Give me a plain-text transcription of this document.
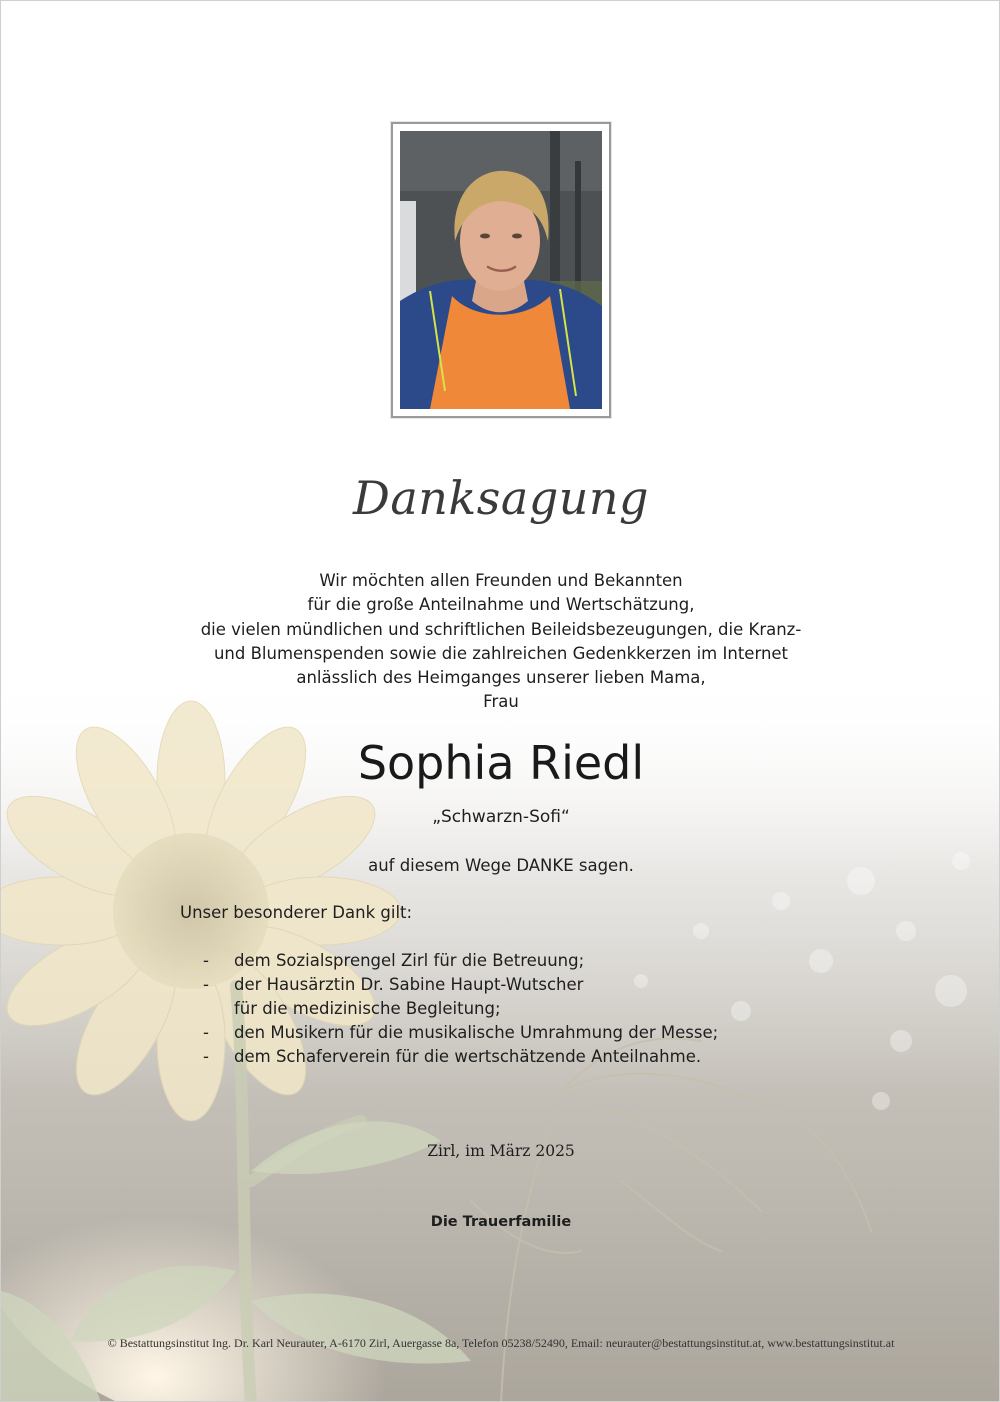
Danksagung
Wir möchten allen Freunden und Bekannten
für die große Anteilnahme und Wertschätzung,
die vielen mündlichen und schriftlichen Beileidsbezeugungen, die Kranz-
und Blumenspenden sowie die zahlreichen Gedenkkerzen im Internet
anlässlich des Heimganges unserer lieben Mama,
Frau
Sophia Riedl
„Schwarzn-Sofi“
auf diesem Wege DANKE sagen.
Unser besonderer Dank gilt:
- dem Sozialsprengel Zirl für die Betreuung;
- der Hausärztin Dr. Sabine Haupt-Wutscher
für die medizinische Begleitung;
- den Musikern für die musikalische Umrahmung der Messe;
- dem Schaferverein für die wertschätzende Anteilnahme.
Zirl, im März 2025
Die Trauerfamilie
© Bestattungsinstitut Ing. Dr. Karl Neurauter, A-6170 Zirl, Auergasse 8a, Telefon 05238/52490, Email: neurauter@bestattungsinstitut.at, www.bestattungsinstitut.at
